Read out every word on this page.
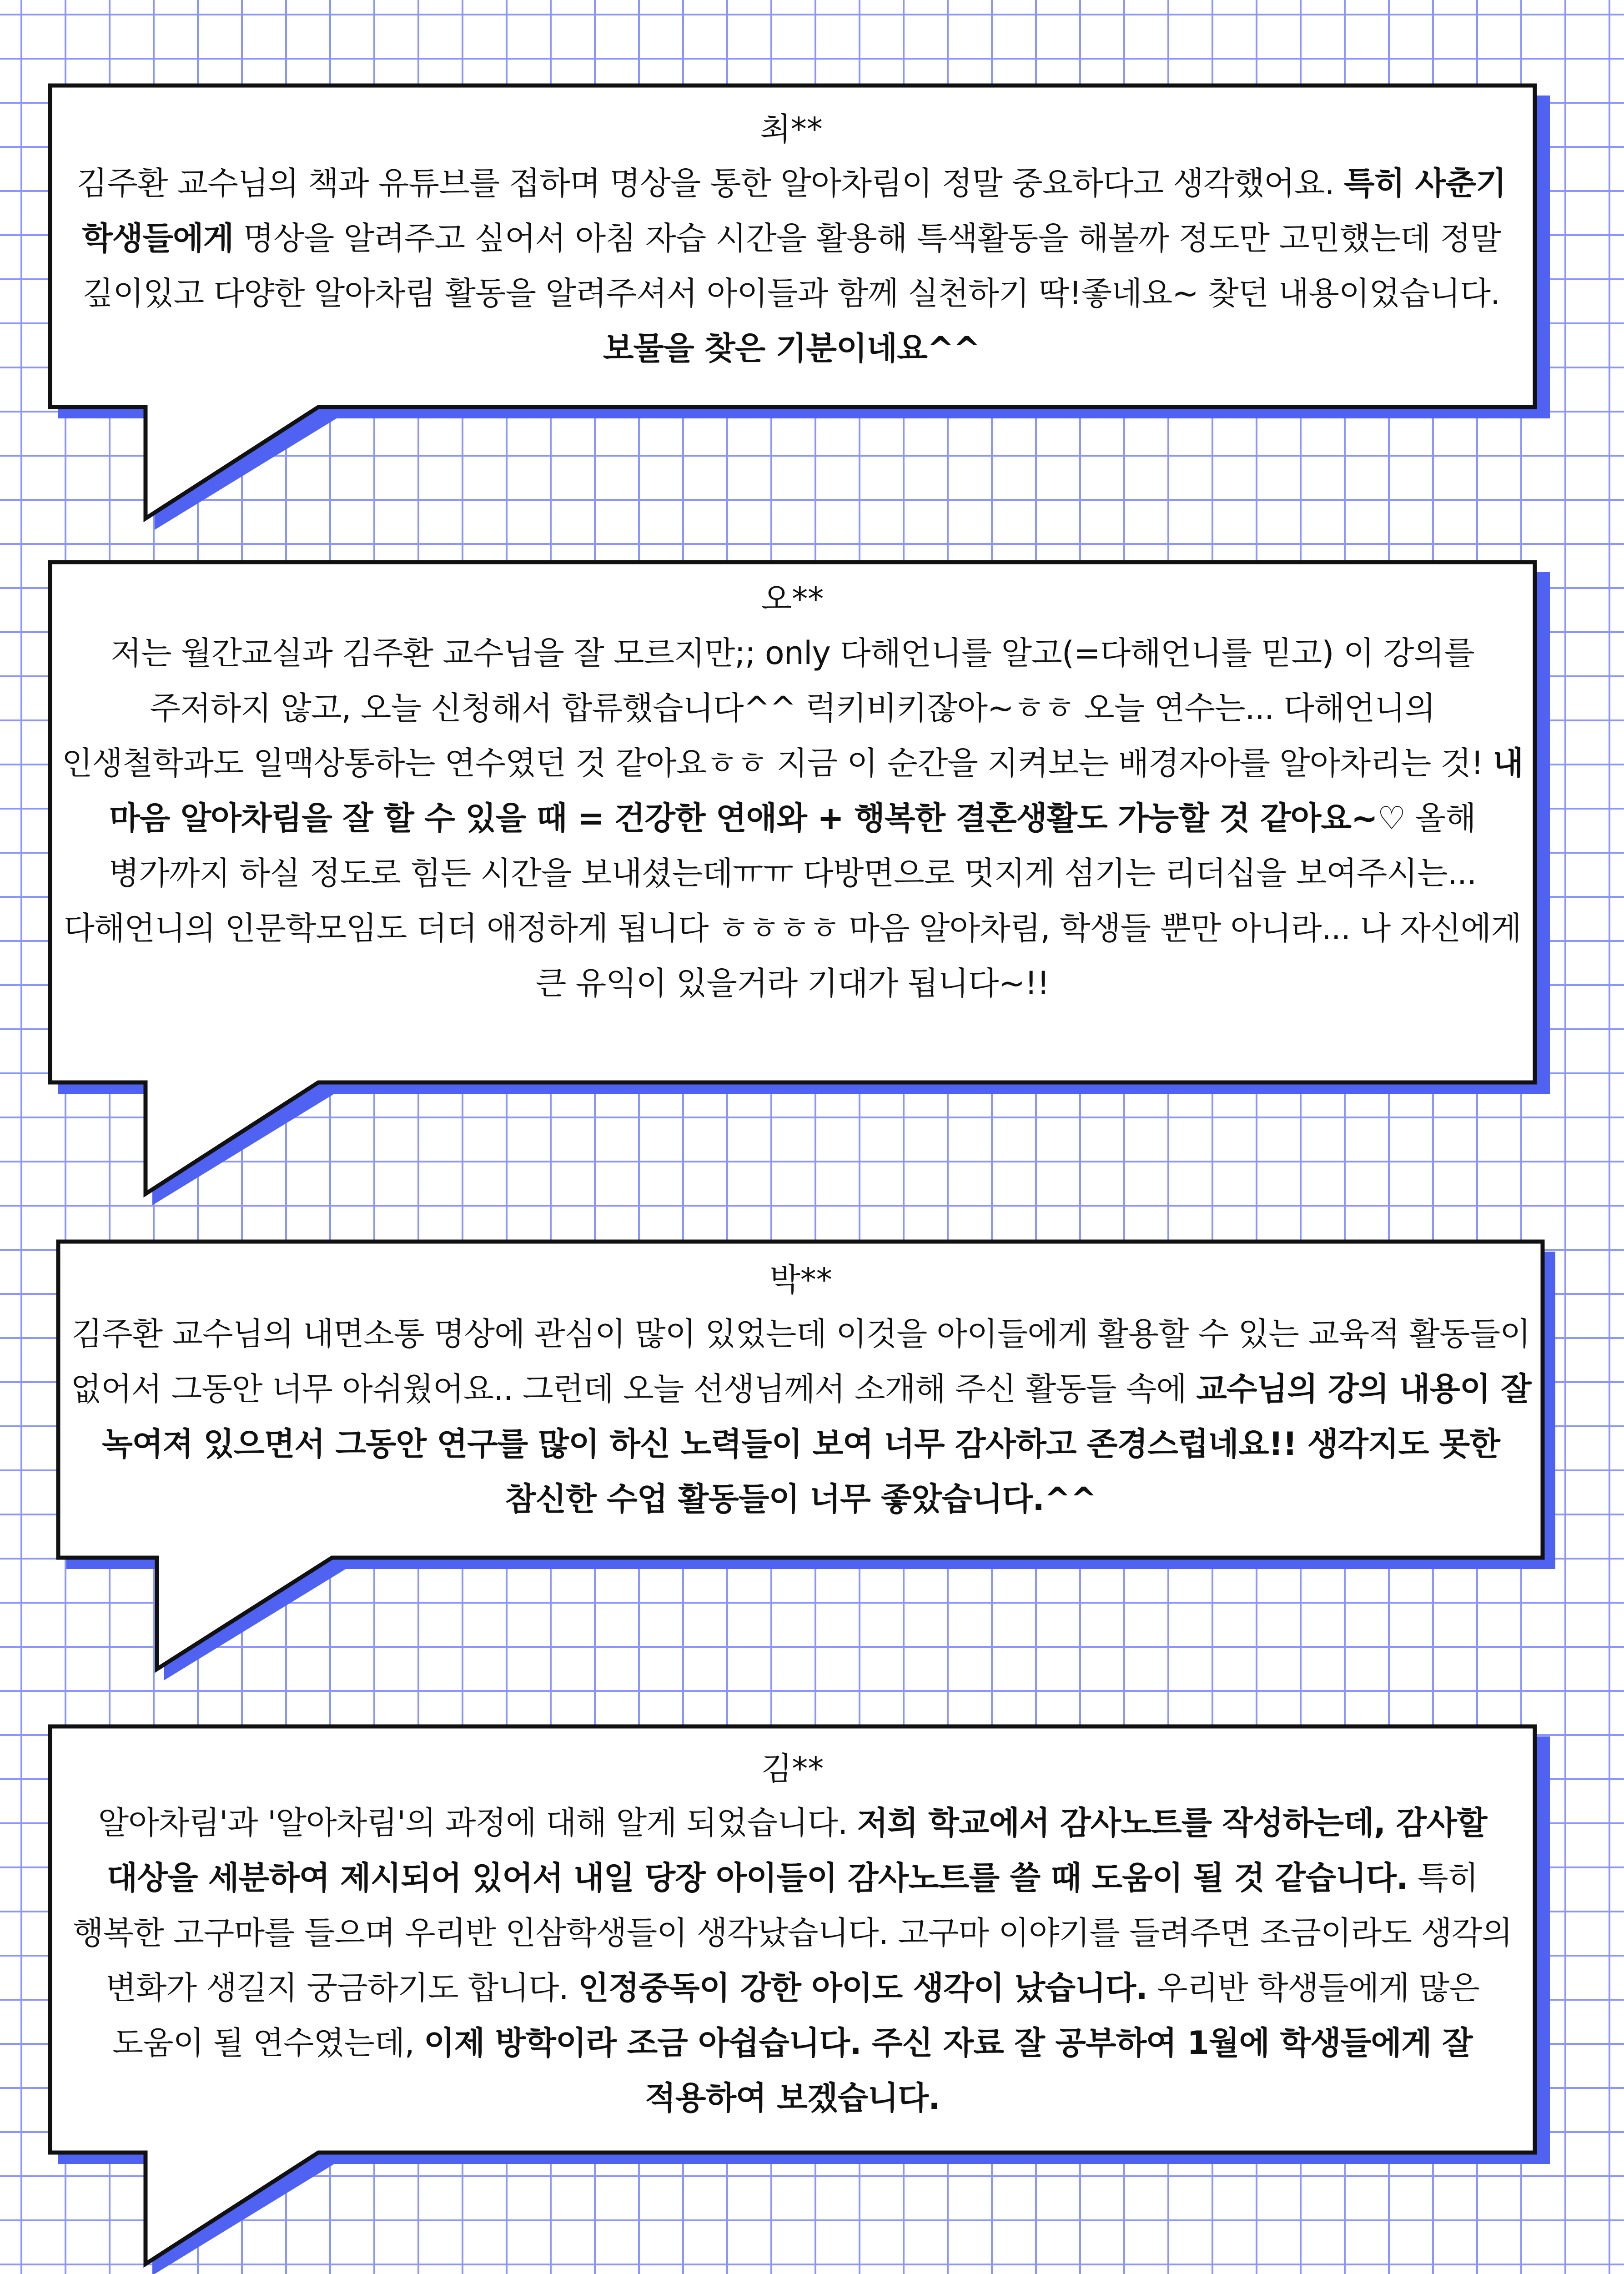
최**
김주환 교수님의 책과 유튜브를 접하며 명상을 통한 알아차림이 정말 중요하다고 생각했어요. 특히 사춘기 학생들에게 명상을 알려주고 싶어서 아침 자습 시간을 활용해 특색활동을 해볼까 정도만 고민했는데 정말 깊이있고 다양한 알아차림 활동을 알려주셔서 아이들과 함께 실천하기 딱!좋네요~ 찾던 내용이었습니다. 보물을 찾은 기분이네요^^
오**
저는 월간교실과 김주환 교수님을 잘 모르지만;; only 다해언니를 알고(=다해언니를 믿고) 이 강의를 주저하지 않고, 오늘 신청해서 합류했습니다^^ 럭키비키잖아~ㅎㅎ 오늘 연수는... 다해언니의 인생철학과도 일맥상통하는 연수였던 것 같아요ㅎㅎ 지금 이 순간을 지켜보는 배경자아를 알아차리는 것! 내 마음 알아차림을 잘 할 수 있을 때 = 건강한 연애와 + 행복한 결혼생활도 가능할 것 같아요~♡ 올해 병가까지 하실 정도로 힘든 시간을 보내셨는데ㅠㅠ 다방면으로 멋지게 섬기는 리더십을 보여주시는... 다해언니의 인문학모임도 더더 애정하게 됩니다 ㅎㅎㅎㅎ 마음 알아차림, 학생들 뿐만 아니라... 나 자신에게 큰 유익이 있을거라 기대가 됩니다~!!
박**
김주환 교수님의 내면소통 명상에 관심이 많이 있었는데 이것을 아이들에게 활용할 수 있는 교육적 활동들이 없어서 그동안 너무 아쉬웠어요.. 그런데 오늘 선생님께서 소개해 주신 활동들 속에 교수님의 강의 내용이 잘 녹여져 있으면서 그동안 연구를 많이 하신 노력들이 보여 너무 감사하고 존경스럽네요!! 생각지도 못한 참신한 수업 활동들이 너무 좋았습니다.^^
김**
알아차림'과 '알아차림'의 과정에 대해 알게 되었습니다. 저희 학교에서 감사노트를 작성하는데, 감사할 대상을 세분하여 제시되어 있어서 내일 당장 아이들이 감사노트를 쓸 때 도움이 될 것 같습니다. 특히 행복한 고구마를 들으며 우리반 인삼학생들이 생각났습니다. 고구마 이야기를 들려주면 조금이라도 생각의 변화가 생길지 궁금하기도 합니다. 인정중독이 강한 아이도 생각이 났습니다. 우리반 학생들에게 많은 도움이 될 연수였는데, 이제 방학이라 조금 아쉽습니다. 주신 자료 잘 공부하여 1월에 학생들에게 잘 적용하여 보겠습니다.
